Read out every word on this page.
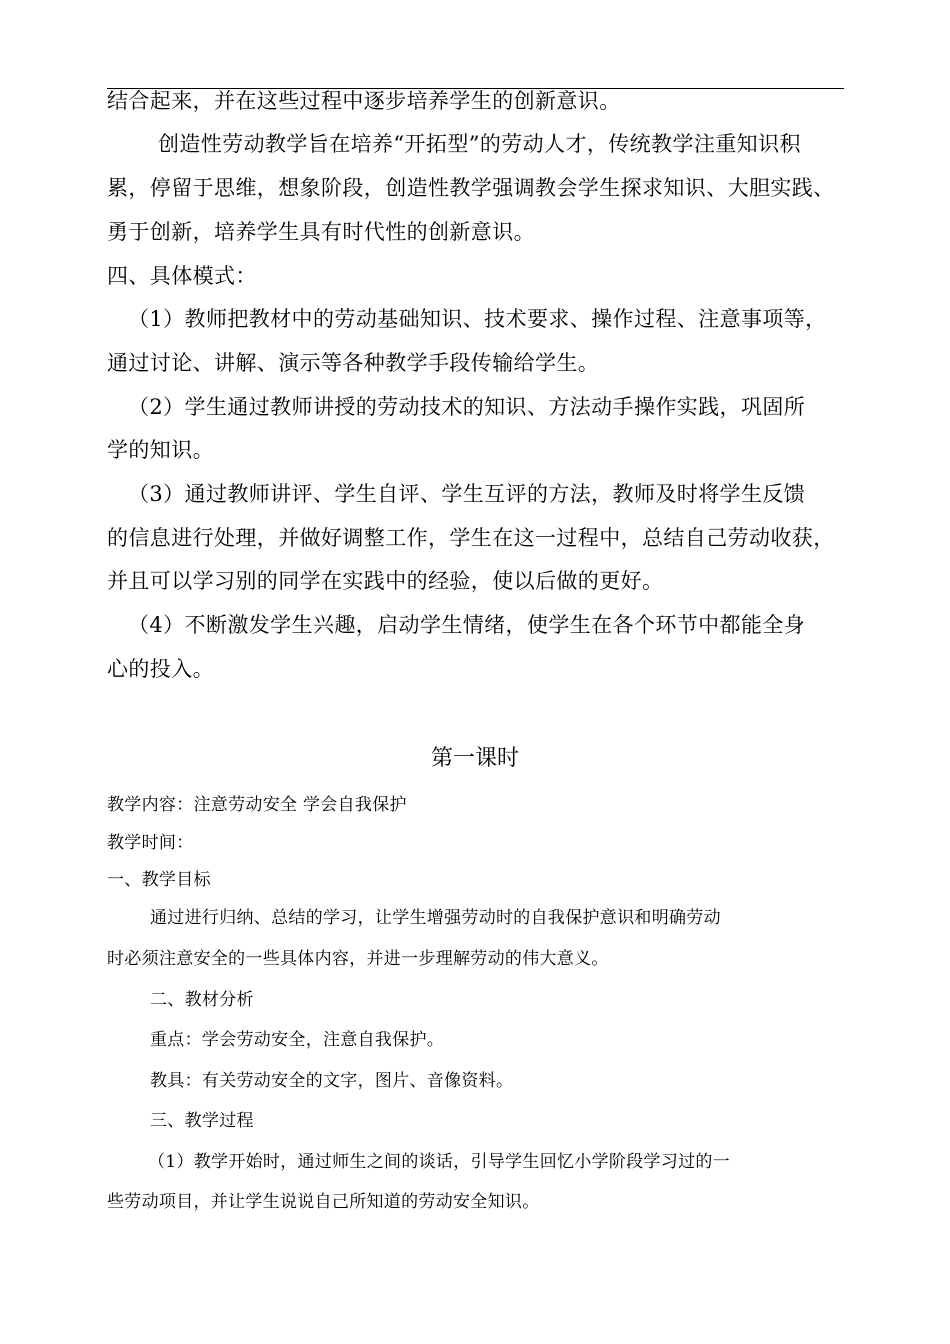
结合起来，并在这些过程中逐步培养学生的创新意识。
创造性劳动教学旨在培养“开拓型”的劳动人才，传统教学注重知识积
累，停留于思维，想象阶段，创造性教学强调教会学生探求知识、大胆实践、
勇于创新，培养学生具有时代性的创新意识。
四、具体模式：
（1）教师把教材中的劳动基础知识、技术要求、操作过程、注意事项等，
通过讨论、讲解、演示等各种教学手段传输给学生。
（2）学生通过教师讲授的劳动技术的知识、方法动手操作实践，巩固所
学的知识。
（3）通过教师讲评、学生自评、学生互评的方法，教师及时将学生反馈
的信息进行处理，并做好调整工作，学生在这一过程中，总结自己劳动收获，
并且可以学习别的同学在实践中的经验，使以后做的更好。
（4）不断激发学生兴趣，启动学生情绪，使学生在各个环节中都能全身
心的投入。
第一课时
教学内容：注意劳动安全 学会自我保护
教学时间：
一、教学目标
通过进行归纳、总结的学习，让学生增强劳动时的自我保护意识和明确劳动
时必须注意安全的一些具体内容，并进一步理解劳动的伟大意义。
二、教材分析
重点：学会劳动安全，注意自我保护。
教具：有关劳动安全的文字，图片、音像资料。
三、教学过程
（1）教学开始时，通过师生之间的谈话，引导学生回忆小学阶段学习过的一
些劳动项目，并让学生说说自己所知道的劳动安全知识。
